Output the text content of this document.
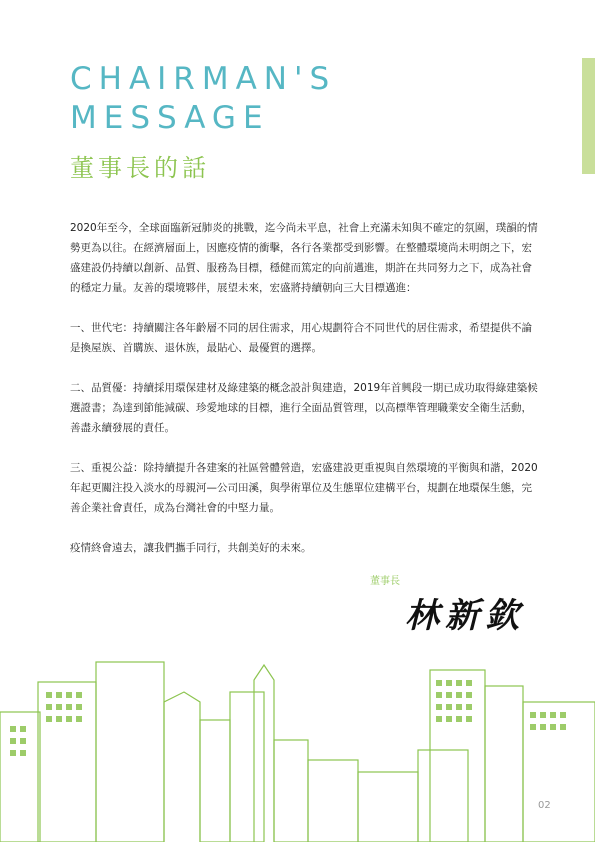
CHAIRMAN'S
MESSAGE
董事長的話

2020年至今，全球面臨新冠肺炎的挑戰，迄今尚未平息，社會上充滿未知與不確定的氛圍，璞韻的情勢更為以往。在經濟層面上，因應疫情的衝擊，各行各業都受到影響。在整體環境尚未明朗之下，宏盛建設仍持續以創新、品質、服務為目標，穩健而篤定的向前邁進，期許在共同努力之下，成為社會的穩定力量。友善的環境夥伴，展望未來，宏盛將持續朝向三大目標邁進：

一、世代宅：持續關注各年齡層不同的居住需求，用心規劃符合不同世代的居住需求，希望提供不論是換屋族、首購族、退休族，最貼心、最優質的選擇。

二、品質優：持續採用環保建材及綠建築的概念設計與建造，2019年首興段一期已成功取得綠建築候選證書；為達到節能減碳、珍愛地球的目標，進行全面品質管理，以高標準管理職業安全衛生活動，善盡永續發展的責任。

三、重視公益：除持續提升各建案的社區營體營造，宏盛建設更重視與自然環境的平衡與和諧，2020年起更關注投入淡水的母親河—公司田溪，與學術單位及生態單位建構平台，規劃在地環保生態，完善企業社會責任，成為台灣社會的中堅力量。

疫情終會遠去，讓我們攜手同行，共創美好的未來。

董事長
林新欽
02
